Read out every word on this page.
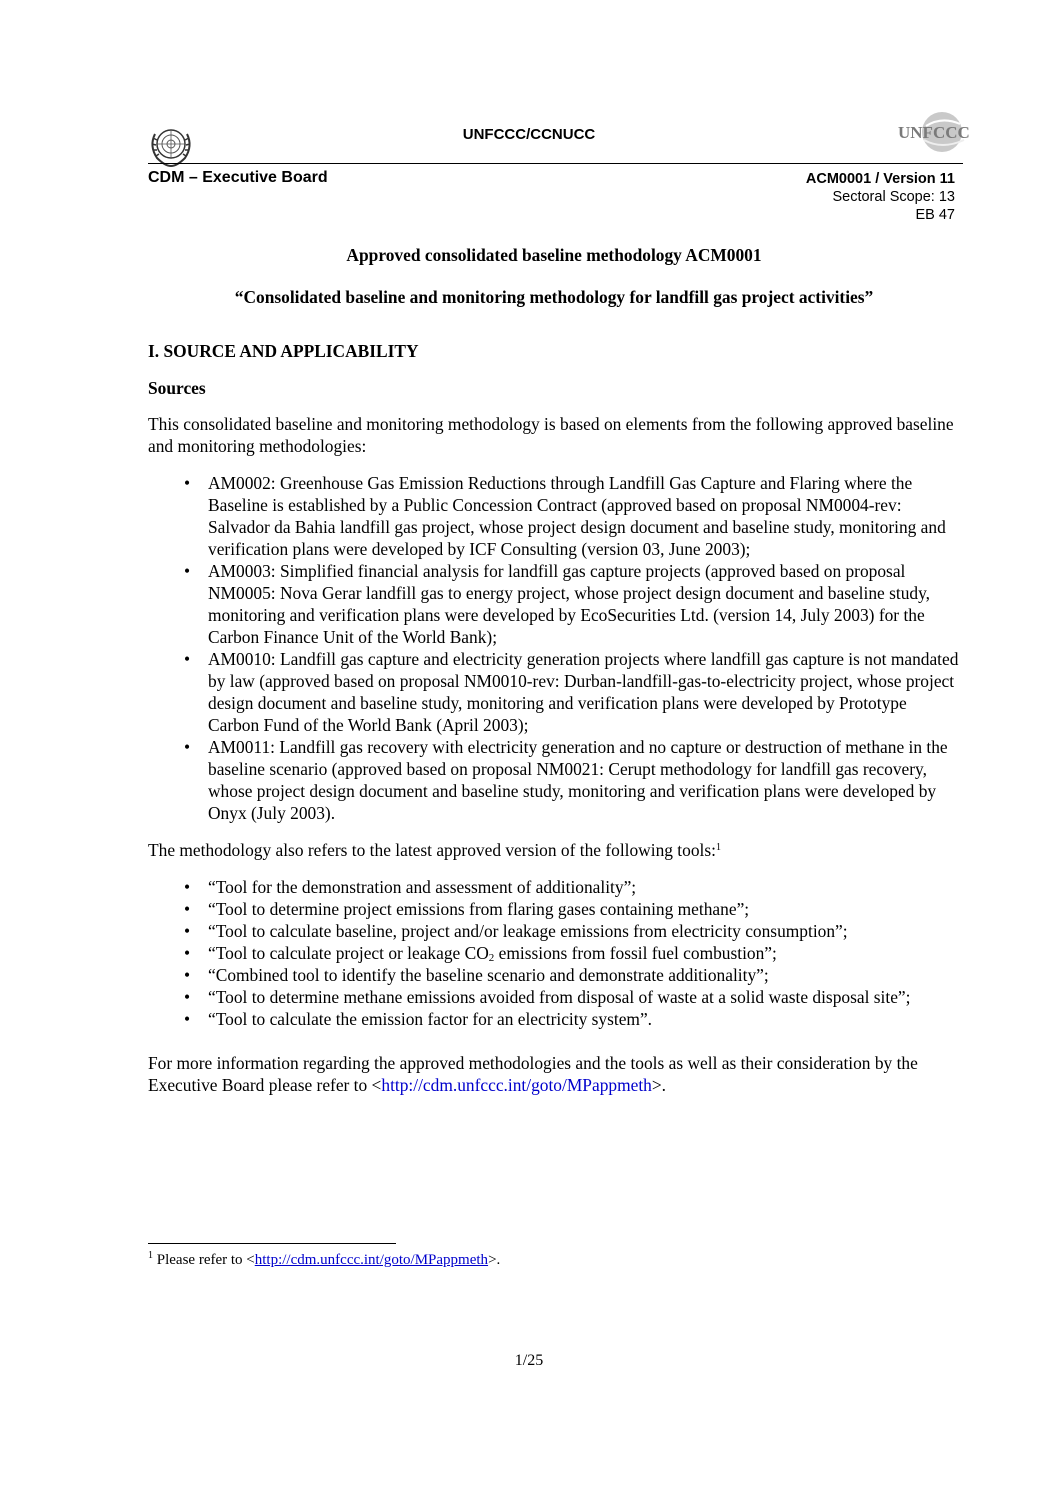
UNFCCC/CCNUCC	UNFCCC
CDM – Executive Board	ACM0001 / Version 11
Sectoral Scope: 13
EB 47

Approved consolidated baseline methodology ACM0001

“Consolidated baseline and monitoring methodology for landfill gas project activities”

I. SOURCE AND APPLICABILITY

Sources

This consolidated baseline and monitoring methodology is based on elements from the following approved baseline and monitoring methodologies:

• AM0002: Greenhouse Gas Emission Reductions through Landfill Gas Capture and Flaring where the Baseline is established by a Public Concession Contract (approved based on proposal NM0004-rev: Salvador da Bahia landfill gas project, whose project design document and baseline study, monitoring and verification plans were developed by ICF Consulting (version 03, June 2003);
• AM0003: Simplified financial analysis for landfill gas capture projects (approved based on proposal NM0005: Nova Gerar landfill gas to energy project, whose project design document and baseline study, monitoring and verification plans were developed by EcoSecurities Ltd. (version 14, July 2003) for the Carbon Finance Unit of the World Bank);
• AM0010: Landfill gas capture and electricity generation projects where landfill gas capture is not mandated by law (approved based on proposal NM0010-rev: Durban-landfill-gas-to-electricity project, whose project design document and baseline study, monitoring and verification plans were developed by Prototype Carbon Fund of the World Bank (April 2003);
• AM0011: Landfill gas recovery with electricity generation and no capture or destruction of methane in the baseline scenario (approved based on proposal NM0021: Cerupt methodology for landfill gas recovery, whose project design document and baseline study, monitoring and verification plans were developed by Onyx (July 2003).

The methodology also refers to the latest approved version of the following tools:$^1$

• “Tool for the demonstration and assessment of additionality”;
• “Tool to determine project emissions from flaring gases containing methane”;
• “Tool to calculate baseline, project and/or leakage emissions from electricity consumption”;
• “Tool to calculate project or leakage $CO_2$ emissions from fossil fuel combustion”;
• “Combined tool to identify the baseline scenario and demonstrate additionality”;
• “Tool to determine methane emissions avoided from disposal of waste at a solid waste disposal site”;
• “Tool to calculate the emission factor for an electricity system”.

For more information regarding the approved methodologies and the tools as well as their consideration by the Executive Board please refer to <http://cdm.unfccc.int/goto/MPappmeth>.

$^1$ Please refer to <http://cdm.unfccc.int/goto/MPappmeth>.
1/25
